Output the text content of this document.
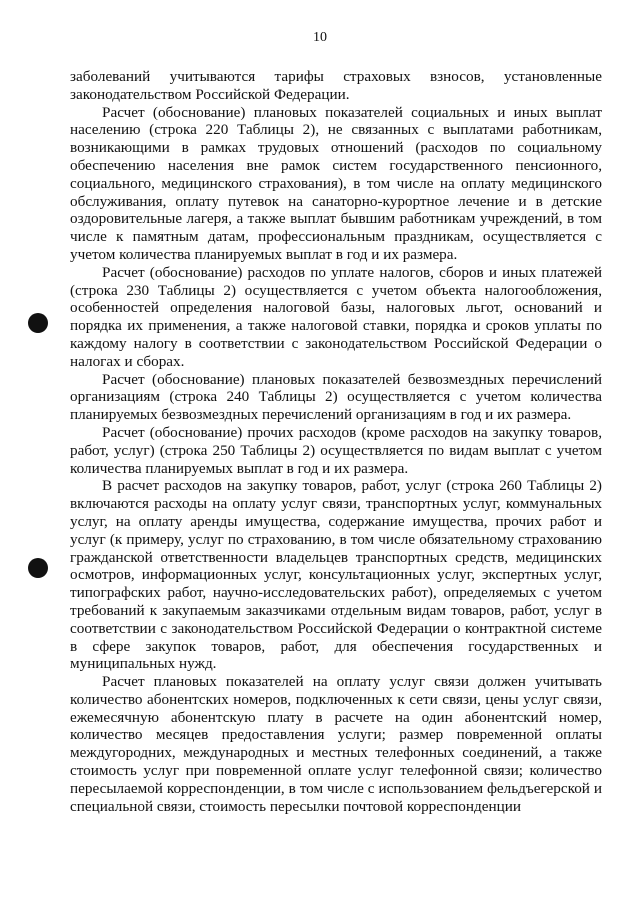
10

заболеваний учитываются тарифы страховых взносов, установленные законодательством Российской Федерации.

Расчет (обоснование) плановых показателей социальных и иных выплат населению (строка 220 Таблицы 2), не связанных с выплатами работникам, возникающими в рамках трудовых отношений (расходов по социальному обеспечению населения вне рамок систем государственного пенсионного, социального, медицинского страхования), в том числе на оплату медицинского обслуживания, оплату путевок на санаторно-курортное лечение и в детские оздоровительные лагеря, а также выплат бывшим работникам учреждений, в том числе к памятным датам, профессиональным праздникам, осуществляется с учетом количества планируемых выплат в год и их размера.

Расчет (обоснование) расходов по уплате налогов, сборов и иных платежей (строка 230 Таблицы 2) осуществляется с учетом объекта налогообложения, особенностей определения налоговой базы, налоговых льгот, оснований и порядка их применения, а также налоговой ставки, порядка и сроков уплаты по каждому налогу в соответствии с законодательством Российской Федерации о налогах и сборах.

Расчет (обоснование) плановых показателей безвозмездных перечислений организациям (строка 240 Таблицы 2) осуществляется с учетом количества планируемых безвозмездных перечислений организациям в год и их размера.

Расчет (обоснование) прочих расходов (кроме расходов на закупку товаров, работ, услуг) (строка 250 Таблицы 2) осуществляется по видам выплат с учетом количества планируемых выплат в год и их размера.

В расчет расходов на закупку товаров, работ, услуг (строка 260 Таблицы 2) включаются расходы на оплату услуг связи, транспортных услуг, коммунальных услуг, на оплату аренды имущества, содержание имущества, прочих работ и услуг (к примеру, услуг по страхованию, в том числе обязательному страхованию гражданской ответственности владельцев транспортных средств, медицинских осмотров, информационных услуг, консультационных услуг, экспертных услуг, типографских работ, научно-исследовательских работ), определяемых с учетом требований к закупаемым заказчиками отдельным видам товаров, работ, услуг в соответствии с законодательством Российской Федерации о контрактной системе в сфере закупок товаров, работ, для обеспечения государственных и муниципальных нужд.

Расчет плановых показателей на оплату услуг связи должен учитывать количество абонентских номеров, подключенных к сети связи, цены услуг связи, ежемесячную абонентскую плату в расчете на один абонентский номер, количество месяцев предоставления услуги; размер повременной оплаты междугородних, международных и местных телефонных соединений, а также стоимость услуг при повременной оплате услуг телефонной связи; количество пересылаемой корреспонденции, в том числе с использованием фельдъегерской и специальной связи, стоимость пересылки почтовой корреспонденции
